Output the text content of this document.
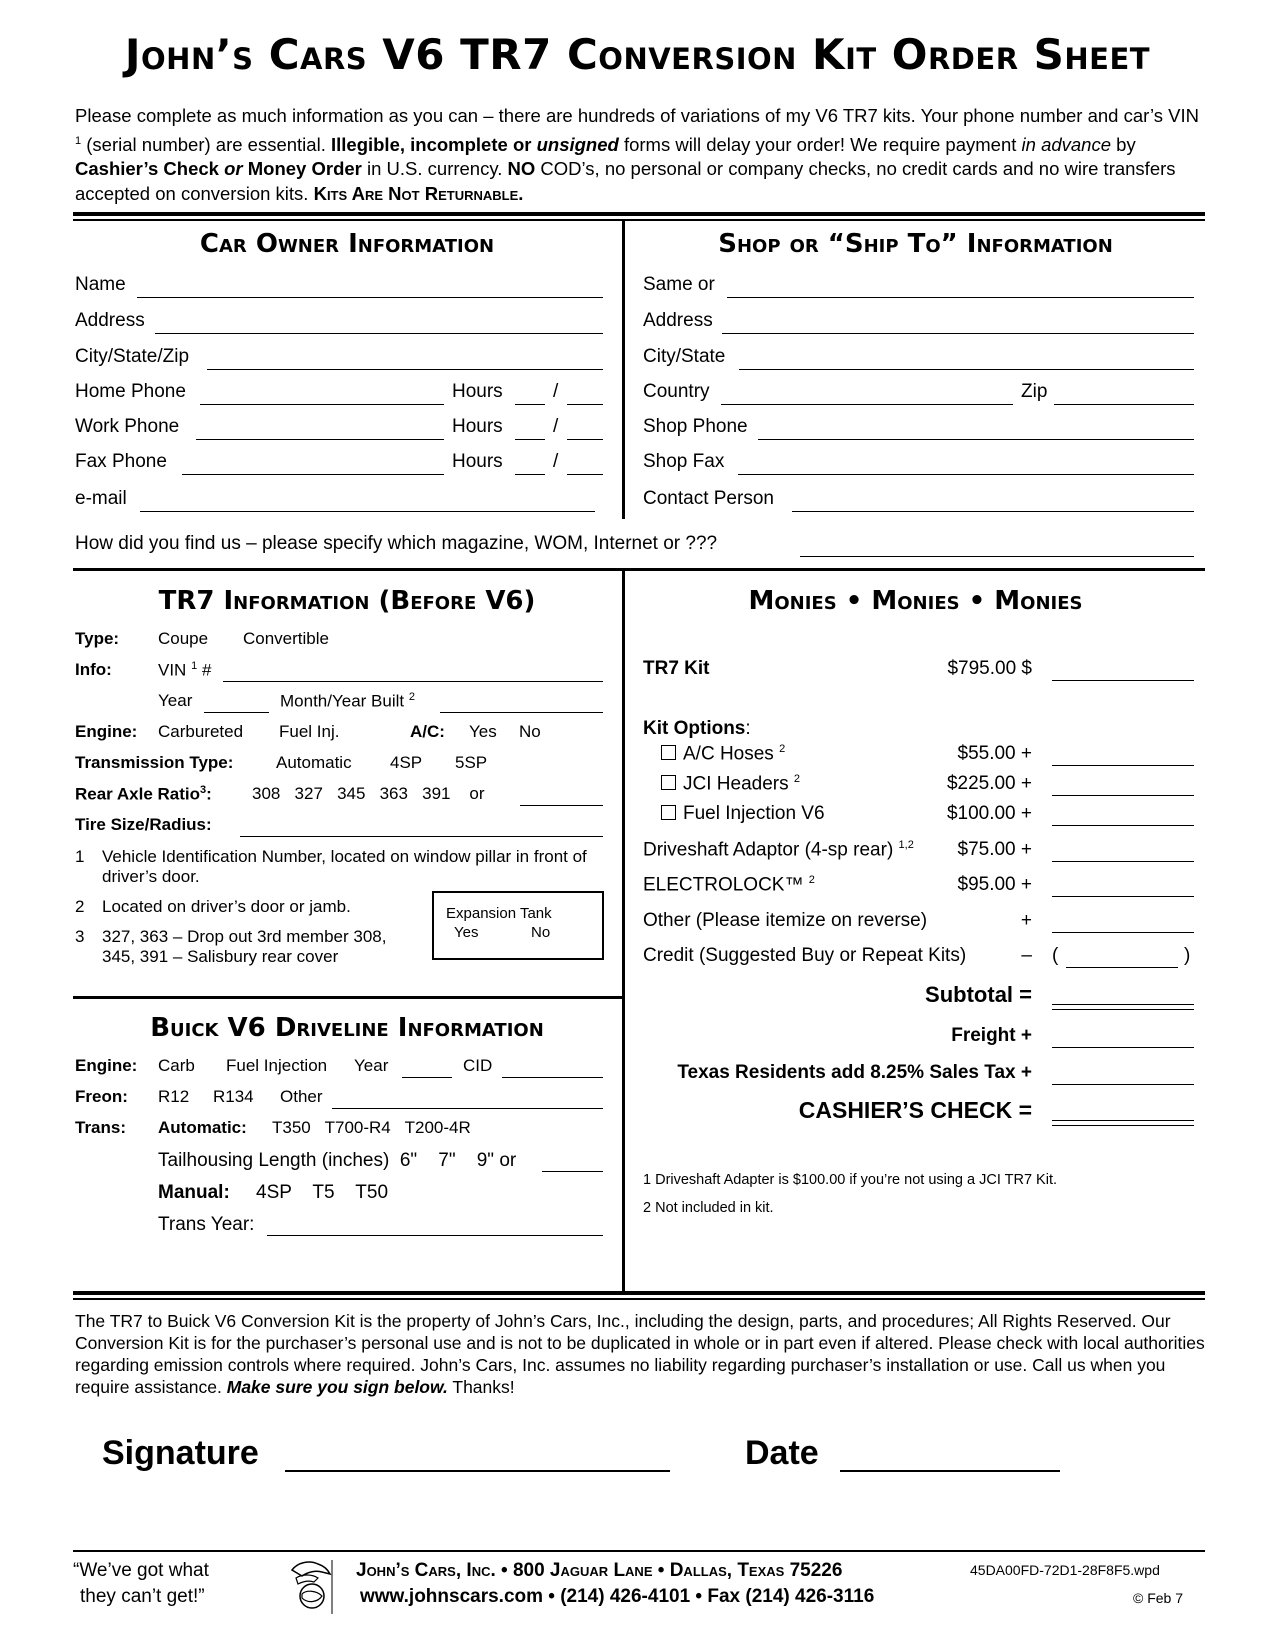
John’s Cars V6 TR7 Conversion Kit Order Sheet
Please complete as much information as you can – there are hundreds of variations of my V6 TR7 kits. Your phone number and car’s VIN $^1$ (serial number) are essential. Illegible, incomplete or unsigned forms will delay your order! We require payment in advance by Cashier’s Check or Money Order in U.S. currency. NO COD’s, no personal or company checks, no credit cards and no wire transfers accepted on conversion kits. Kits Are Not Returnable.
Car Owner Information
Name
Address
City/State/Zip
Home Phone	Hours	/
Work Phone	Hours	/
Fax Phone	Hours	/
e-mail
Shop or “Ship To” Information
Same or
Address
City/State
Country	Zip
Shop Phone
Shop Fax
Contact Person
How did you find us – please specify which magazine, WOM, Internet or ???
TR7 Information (Before V6)
Type: Coupe Convertible
Info:	VIN $^1$ #
Year	Month/Year Built $^2$
Engine: Carbureted Fuel Inj.	A/C: Yes No
Transmission Type:	Automatic 4SP 5SP
Rear Axle Ratio$^3$: 308   327   345   363   391    or
Tire Size/Radius:
1 Vehicle Identification Number, located on window pillar in front of driver’s door.
2 Located on driver’s door or jamb.
3 327, 363 – Drop out 3rd member 308, 345, 391 – Salisbury rear cover
Expansion Tank
Yes	No
Buick V6 Driveline Information
Engine: Carb Fuel Injection Year	CID
Freon: R12 R134 Other
Trans: Automatic: T350   T700-R4   T200-4R
Tailhousing Length (inches)  6"    7"    9" or
Manual: 4SP    T5    T50
Trans Year:
Monies • Monies • Monies
TR7 Kit	$795.00 $
Kit Options:
A/C Hoses $^2$	$55.00 +
JCI Headers $^2$	$225.00 +
Fuel Injection V6	$100.00 +
Driveshaft Adaptor (4-sp rear) $^{1,2}$	$75.00 +
ELECTROLOCK™ $^2$	$95.00 +
Other (Please itemize on reverse)	+
Credit (Suggested Buy or Repeat Kits)	– (	)
Subtotal =
Freight +
Texas Residents add 8.25% Sales Tax +
CASHIER’S CHECK =
1 Driveshaft Adapter is $100.00 if you’re not using a JCI TR7 Kit.
2 Not included in kit.
The TR7 to Buick V6 Conversion Kit is the property of John’s Cars, Inc., including the design, parts, and procedures; All Rights Reserved. Our Conversion Kit is for the purchaser’s personal use and is not to be duplicated in whole or in part even if altered. Please check with local authorities regarding emission controls where required. John’s Cars, Inc. assumes no liability regarding purchaser’s installation or use. Call us when you require assistance. Make sure you sign below. Thanks!
Signature	Date
“We’ve got what
they can’t get!”
John’s Cars, Inc. • 800 Jaguar Lane • Dallas, Texas 75226
www.johnscars.com • (214) 426-4101 • Fax (214) 426-3116
45DA00FD-72D1-28F8F5.wpd
© Feb 7
